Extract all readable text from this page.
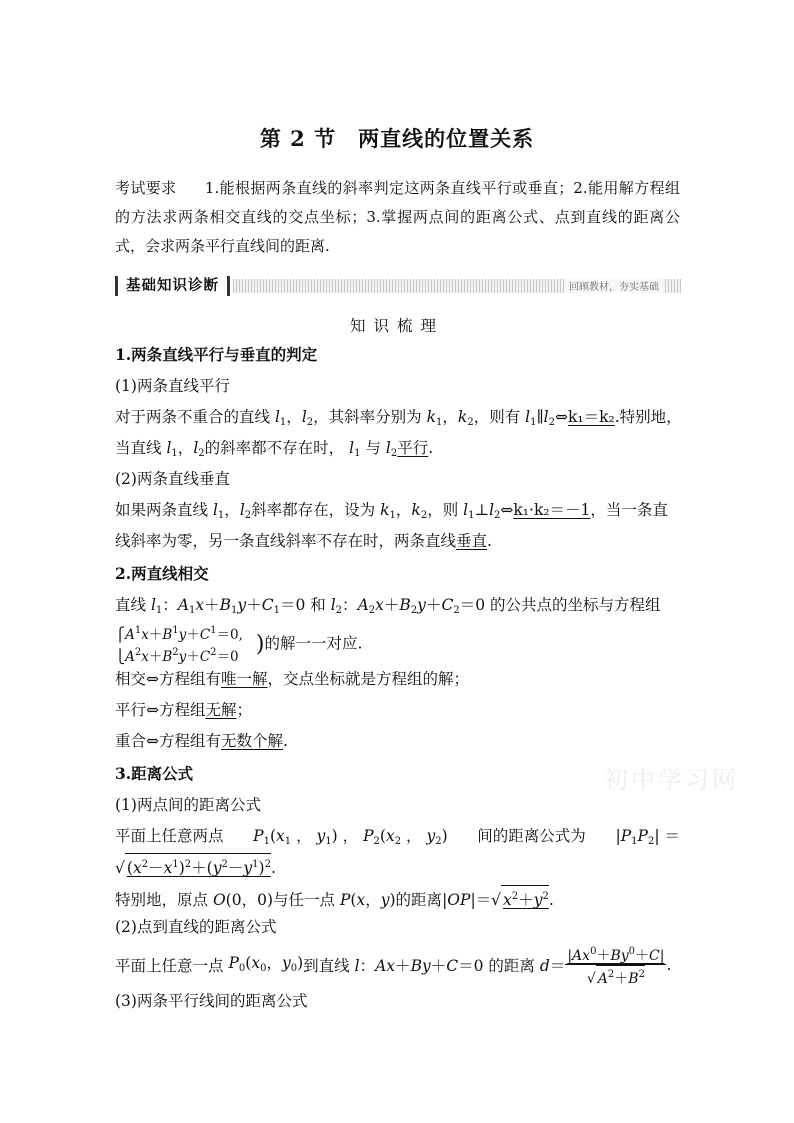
第 2 节　两直线的位置关系
考试要求 1.能根据两条直线的斜率判定这两条直线平行或垂直；2.能用解方程组的方法求两条相交直线的交点坐标；3.掌握两点间的距离公式、点到直线的距离公式，会求两条平行直线间的距离.
基础知识诊断	回顾教材，夯实基础
知识梳理
1.两条直线平行与垂直的判定
(1)两条直线平行
对于两条不重合的直线 $l_1$，$l_2$，其斜率分别为 $k_1$，$k_2$，则有 $l_1\parallel l_2\Leftrightarrow k_1=k_2$.特别地，
当直线 $l_1$，$l_2$的斜率都不存在时， $l_1$ 与 $l_2$平行.
(2)两条直线垂直
如果两条直线 $l_1$，$l_2$斜率都存在，设为 $k_1$，$k_2$，则 $l_1\perp l_2\Leftrightarrow k_1\cdot k_2=-1$，当一条直
线斜率为零，另一条直线斜率不存在时，两条直线垂直.
2.两直线相交
直线 $l_1$：$A_1x+B_1y+C_1=0$ 和 $l_2$：$A_2x+B_2y+C_2=0$ 的公共点的坐标与方程组
$⎧A^1x+B^1y+C^1=0$,
$⎩A^2x+B^2y+C^2=0$
)的解一一对应.
相交⇔方程组有唯一解，交点坐标就是方程组的解；
平行⇔方程组无解；
重合⇔方程组有无数个解.
3.距离公式
(1)两点间的距离公式
平面上任意两点 $P_1(x_1$ ， $y_1$) ， $P_2(x_2$ ， $y_2$) 间的距离公式为 $|P_1P_2|$ ＝
√ $(x^2-x^1)^2+(y^2-y^1)^2$.
特别地，原点 O(0，0)与任一点 P(x，y)的距离|OP|＝√ $x^2+y^2$.
(2)点到直线的距离公式
平面上任意一点 $P_0(x_0$，$y_0$)到直线 l：Ax＋By＋C＝0 的距离 $d= \frac{|Ax^0+By^0+C|}{√ A^2+B^2}$ .
(3)两条平行线间的距离公式
初中学习网
